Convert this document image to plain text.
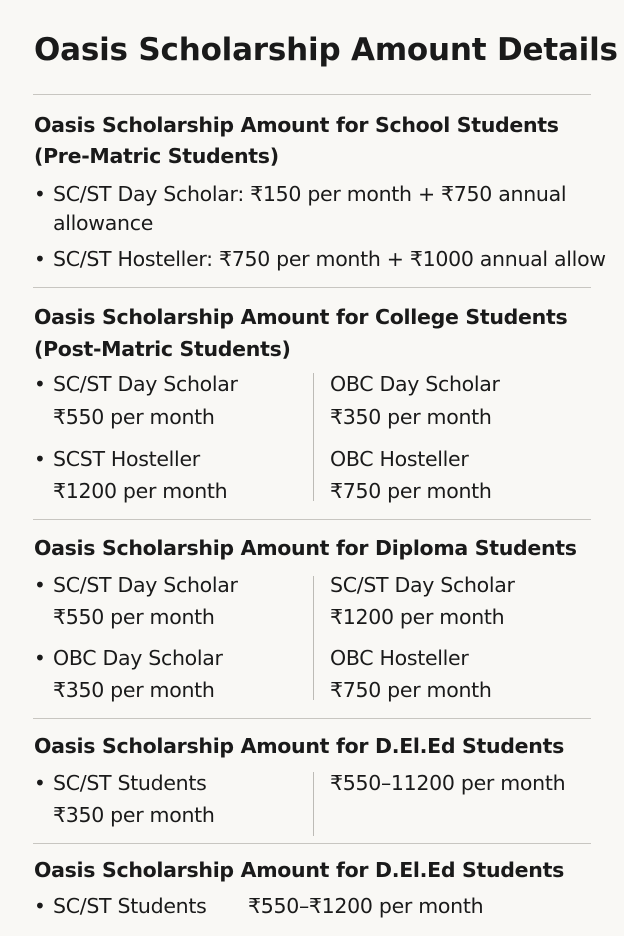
Oasis Scholarship Amount Details
Oasis Scholarship Amount for School Students
(Pre-Matric Students)
• SC/ST Day Scholar: ₹150 per month + ₹750 annual
allowance
• SC/ST Hosteller: ₹750 per month + ₹1000 annual allow
Oasis Scholarship Amount for College Students
(Post-Matric Students)
• SC/ST Day Scholar
₹550 per month
• SCST Hosteller
₹1200 per month
OBC Day Scholar
₹350 per month
OBC Hosteller
₹750 per month
Oasis Scholarship Amount for Diploma Students
• SC/ST Day Scholar
₹550 per month
• OBC Day Scholar
₹350 per month
SC/ST Day Scholar
₹1200 per month
OBC Hosteller
₹750 per month
Oasis Scholarship Amount for D.El.Ed Students
• SC/ST Students
₹350 per month
₹550–11200 per month
Oasis Scholarship Amount for D.El.Ed Students
• SC/ST Students ₹550–₹1200 per month
